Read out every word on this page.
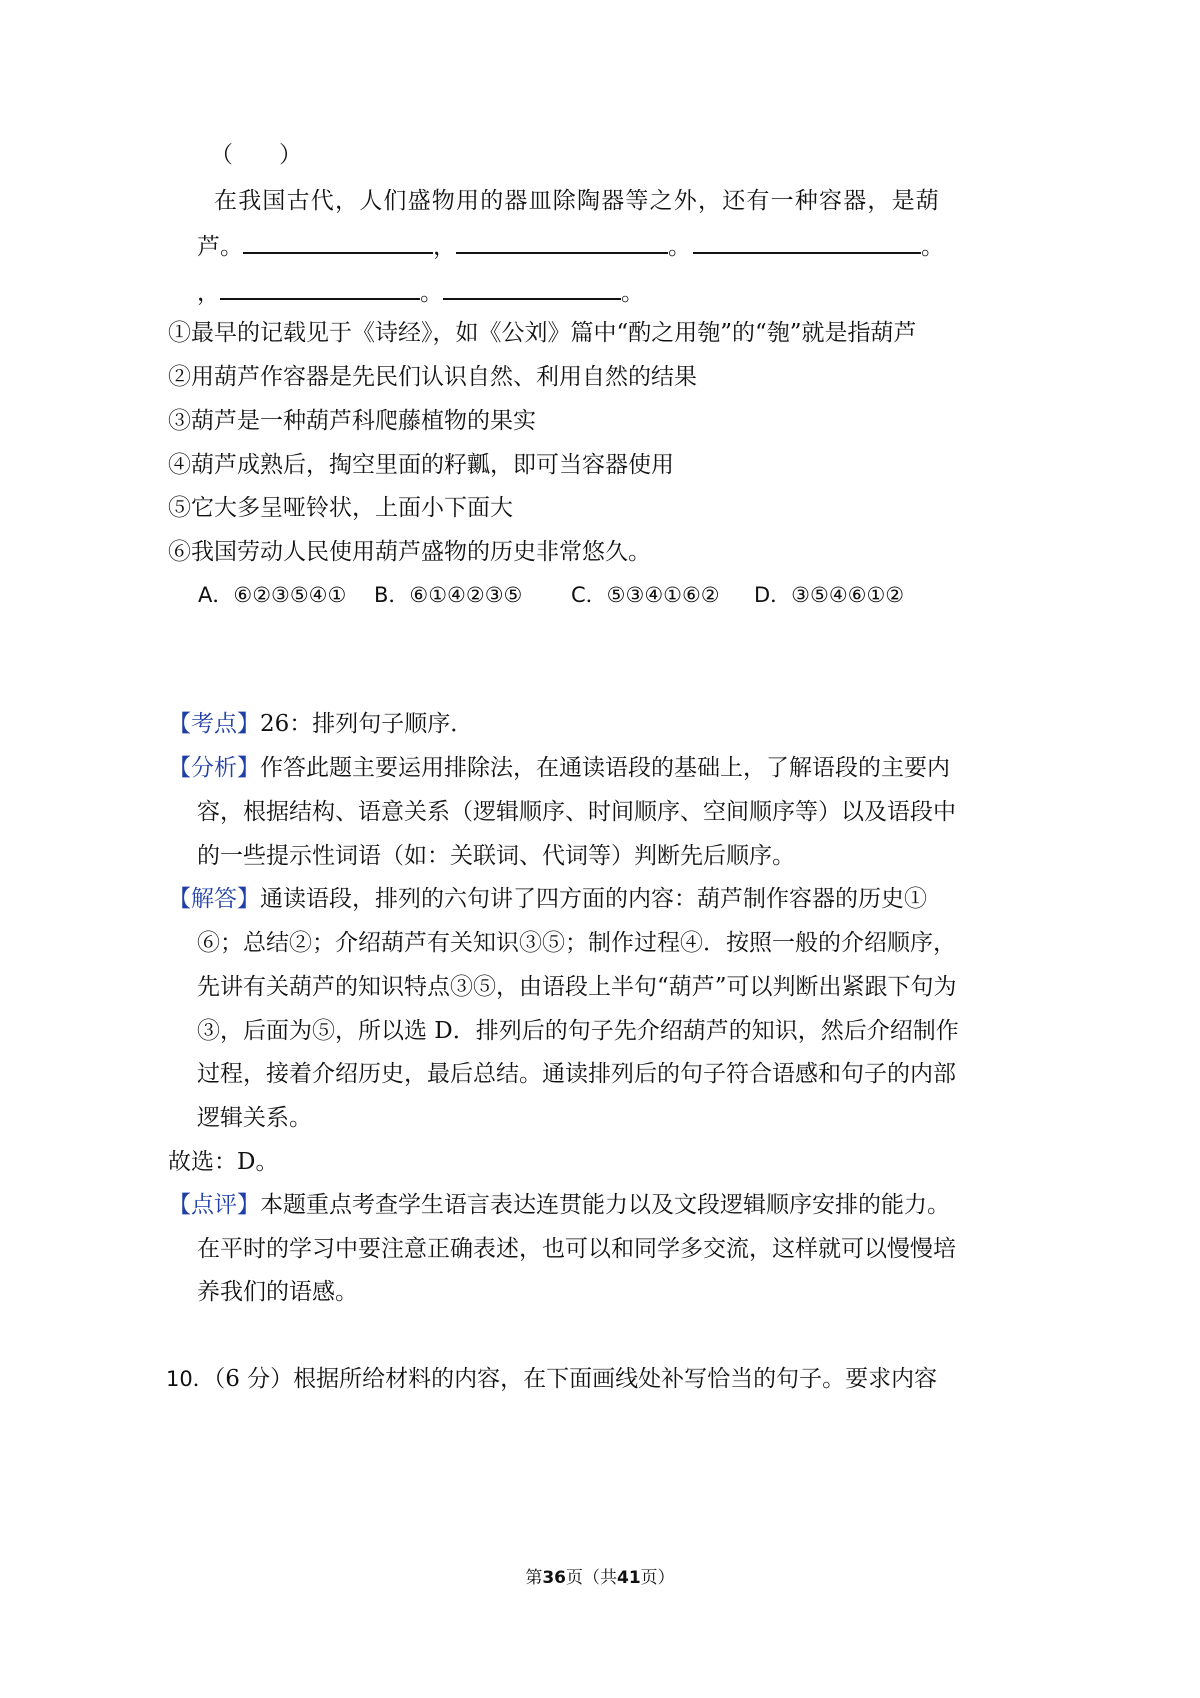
（　　）
在我国古代，人们盛物用的器皿除陶器等之外，还有一种容器，是葫
芦。	，	。	。
，	。	。
①最早的记载见于《诗经》，如《公刘》篇中“酌之用匏”的“匏”就是指葫芦
②用葫芦作容器是先民们认识自然、利用自然的结果
③葫芦是一种葫芦科爬藤植物的果实
④葫芦成熟后，掏空里面的籽瓤，即可当容器使用
⑤它大多呈哑铃状，上面小下面大
⑥我国劳动人民使用葫芦盛物的历史非常悠久。
A．⑥②③⑤④① B．⑥①④②③⑤ C．⑤③④①⑥② D．③⑤④⑥①②
【考点】26：排列句子顺序．
【分析】作答此题主要运用排除法，在通读语段的基础上，了解语段的主要内
容，根据结构、语意关系（逻辑顺序、时间顺序、空间顺序等）以及语段中
的一些提示性词语（如：关联词、代词等）判断先后顺序。
【解答】通读语段，排列的六句讲了四方面的内容：葫芦制作容器的历史①
⑥；总结②；介绍葫芦有关知识③⑤；制作过程④．按照一般的介绍顺序，
先讲有关葫芦的知识特点③⑤，由语段上半句“葫芦”可以判断出紧跟下句为
③，后面为⑤，所以选 D．排列后的句子先介绍葫芦的知识，然后介绍制作
过程，接着介绍历史，最后总结。通读排列后的句子符合语感和句子的内部
逻辑关系。
故选：D。
【点评】本题重点考查学生语言表达连贯能力以及文段逻辑顺序安排的能力。
在平时的学习中要注意正确表述，也可以和同学多交流，这样就可以慢慢培
养我们的语感。
10．（6 分）根据所给材料的内容，在下面画线处补写恰当的句子。要求内容
第36页（共41页）
